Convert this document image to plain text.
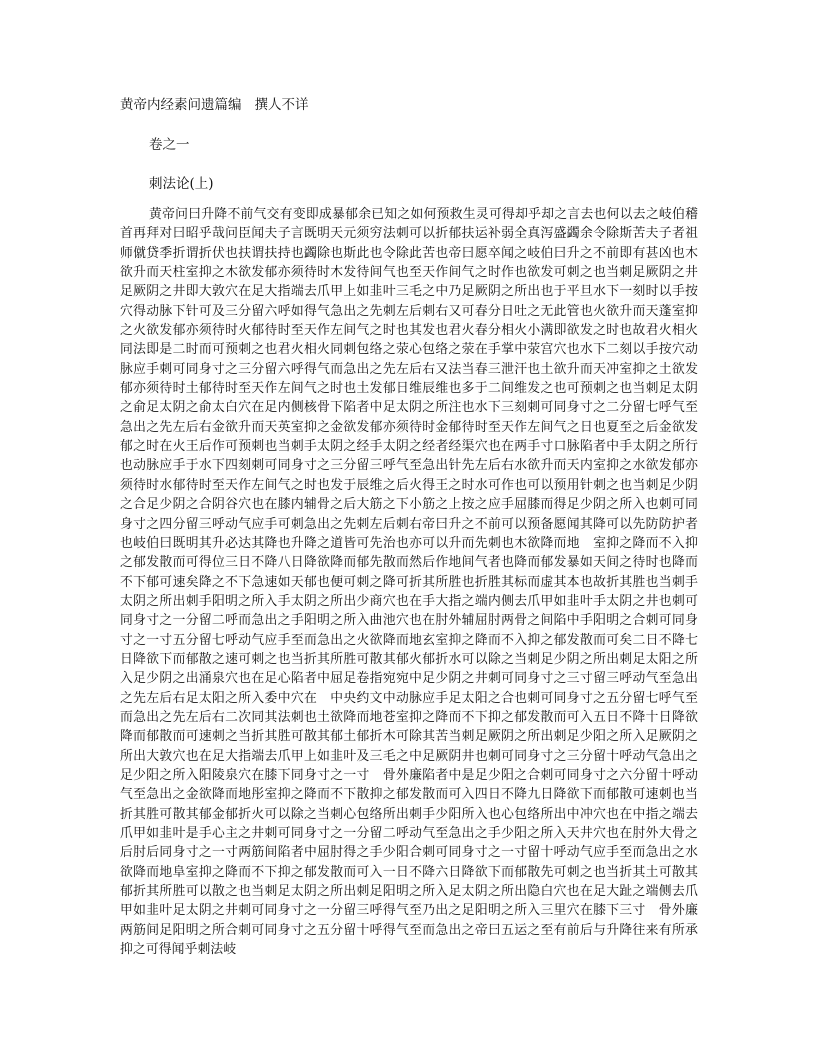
黄帝内经素问遗篇编 撰人不详
卷之一
刺法论(上)

黄帝问曰升降不前气交有变即成暴郁余已知之如何预救生灵可得却乎却之言去也何以去之岐伯稽首再拜对曰昭乎哉问臣闻夫子言既明天元须穷法刺可以折郁扶运补弱全真泻盛蠲余令除斯苦夫子者祖师僦贷季折谓折伏也扶谓扶持也蠲除也斯此也令除此苦也帝曰愿卒闻之岐伯曰升之不前即有甚凶也木欲升而天柱室抑之木欲发郁亦须待时木发待间气也至天作间气之时作也欲发可刺之也当刺足厥阴之井足厥阴之井即大敦穴在足大指端去爪甲上如韭叶三毛之中乃足厥阴之所出也于平旦水下一刻时以手按穴得动脉下针可及三分留六呼如得气急出之先刺左后刺右又可春分日吐之无此管也火欲升而天蓬室抑之火欲发郁亦须待时火郁待时至天作左间气之时也其发也君火春分相火小满即欲发之时也故君火相火同法即是二时而可预刺之也君火相火同刺包络之荥心包络之荥在手掌中荥宫穴也水下二刻以手按穴动脉应手刺可同身寸之三分留六呼得气而急出之先左后右又法当春三泄汗也土欲升而天冲室抑之土欲发郁亦须待时土郁待时至天作左间气之时也土发郁日维辰维也多于二间维发之也可预刺之也当刺足太阴之俞足太阴之俞太白穴在足内侧核骨下陷者中足太阴之所注也水下三刻刺可同身寸之二分留七呼气至急出之先左后右金欲升而天英室抑之金欲发郁亦须待时金郁待时至天作左间气之日也夏至之后金欲发郁之时在火王后作可预刺也当刺手太阴之经手太阴之经者经渠穴也在两手寸口脉陷者中手太阴之所行也动脉应手于水下四刻刺可同身寸之三分留三呼气至急出针先左后右水欲升而天内室抑之水欲发郁亦须待时水郁待时至天作左间气之时也发于辰维之后火得王之时水可作也可以预用针刺之也当刺足少阴之合足少阴之合阴谷穴也在膝内辅骨之后大筋之下小筋之上按之应手屈膝而得足少阴之所入也刺可同身寸之四分留三呼动气应手可刺急出之先刺左后刺右帝曰升之不前可以预备愿闻其降可以先防防护者也岐伯曰既明其升必达其降也升降之道皆可先治也亦可以升而先刺也木欲降而地　室抑之降而不入抑之郁发散而可得位三日不降八日降欲降而郁先散而然后作地间气者也降而郁发暴如天间之待时也降而不下郁可速矣降之不下急速如天郁也便可刺之降可折其所胜也折胜其标而虚其本也故折其胜也当刺手太阴之所出刺手阳明之所入手太阴之所出少商穴也在手大指之端内侧去爪甲如韭叶手太阴之井也刺可同身寸之一分留二呼而急出之手阳明之所入曲池穴也在肘外辅屈肘两骨之间陷中手阳明之合刺可同身寸之一寸五分留七呼动气应手至而急出之火欲降而地玄室抑之降而不入抑之郁发散而可矣二日不降七日降欲下而郁散之速可刺之也当折其所胜可散其郁火郁折水可以除之当刺足少阴之所出刺足太阳之所入足少阴之出涌泉穴也在足心陷者中屈足卷指宛宛中足少阴之井刺可同身寸之三寸留三呼动气至急出之先左后右足太阳之所入委中穴在　中央约文中动脉应手足太阳之合也刺可同身寸之五分留七呼气至而急出之先左后右二次同其法刺也土欲降而地苍室抑之降而不下抑之郁发散而可入五日不降十日降欲降而郁散而可速刺之当折其胜可散其郁土郁折木可除其苦当刺足厥阴之所出刺足少阳之所入足厥阴之所出大敦穴也在足大指端去爪甲上如韭叶及三毛之中足厥阴井也刺可同身寸之三分留十呼动气急出之足少阳之所入阳陵泉穴在膝下同身寸之一寸　骨外廉陷者中是足少阳之合刺可同身寸之六分留十呼动气至急出之金欲降而地彤室抑之降而不下散抑之郁发散而可入四日不降九日降欲下而郁散可速刺也当折其胜可散其郁金郁折火可以除之当刺心包络所出刺手少阳所入也心包络所出中冲穴也在中指之端去爪甲如韭叶是手心主之井刺可同身寸之一分留二呼动气至急出之手少阳之所入天井穴也在肘外大骨之后肘后同身寸之一寸两筋间陷者中屈肘得之手少阳合刺可同身寸之一寸留十呼动气应手至而急出之水欲降而地阜室抑之降而不下抑之郁发散而可入一日不降六日降欲下而郁散先可刺之也当折其土可散其郁折其所胜可以散之也当刺足太阴之所出刺足阳明之所入足太阴之所出隐白穴也在足大趾之端侧去爪甲如韭叶足太阴之井刺可同身寸之一分留三呼得气至乃出之足阳明之所入三里穴在膝下三寸　骨外廉两筋间足阳明之所合刺可同身寸之五分留十呼得气至而急出之帝曰五运之至有前后与升降往来有所承抑之可得闻乎刺法岐
